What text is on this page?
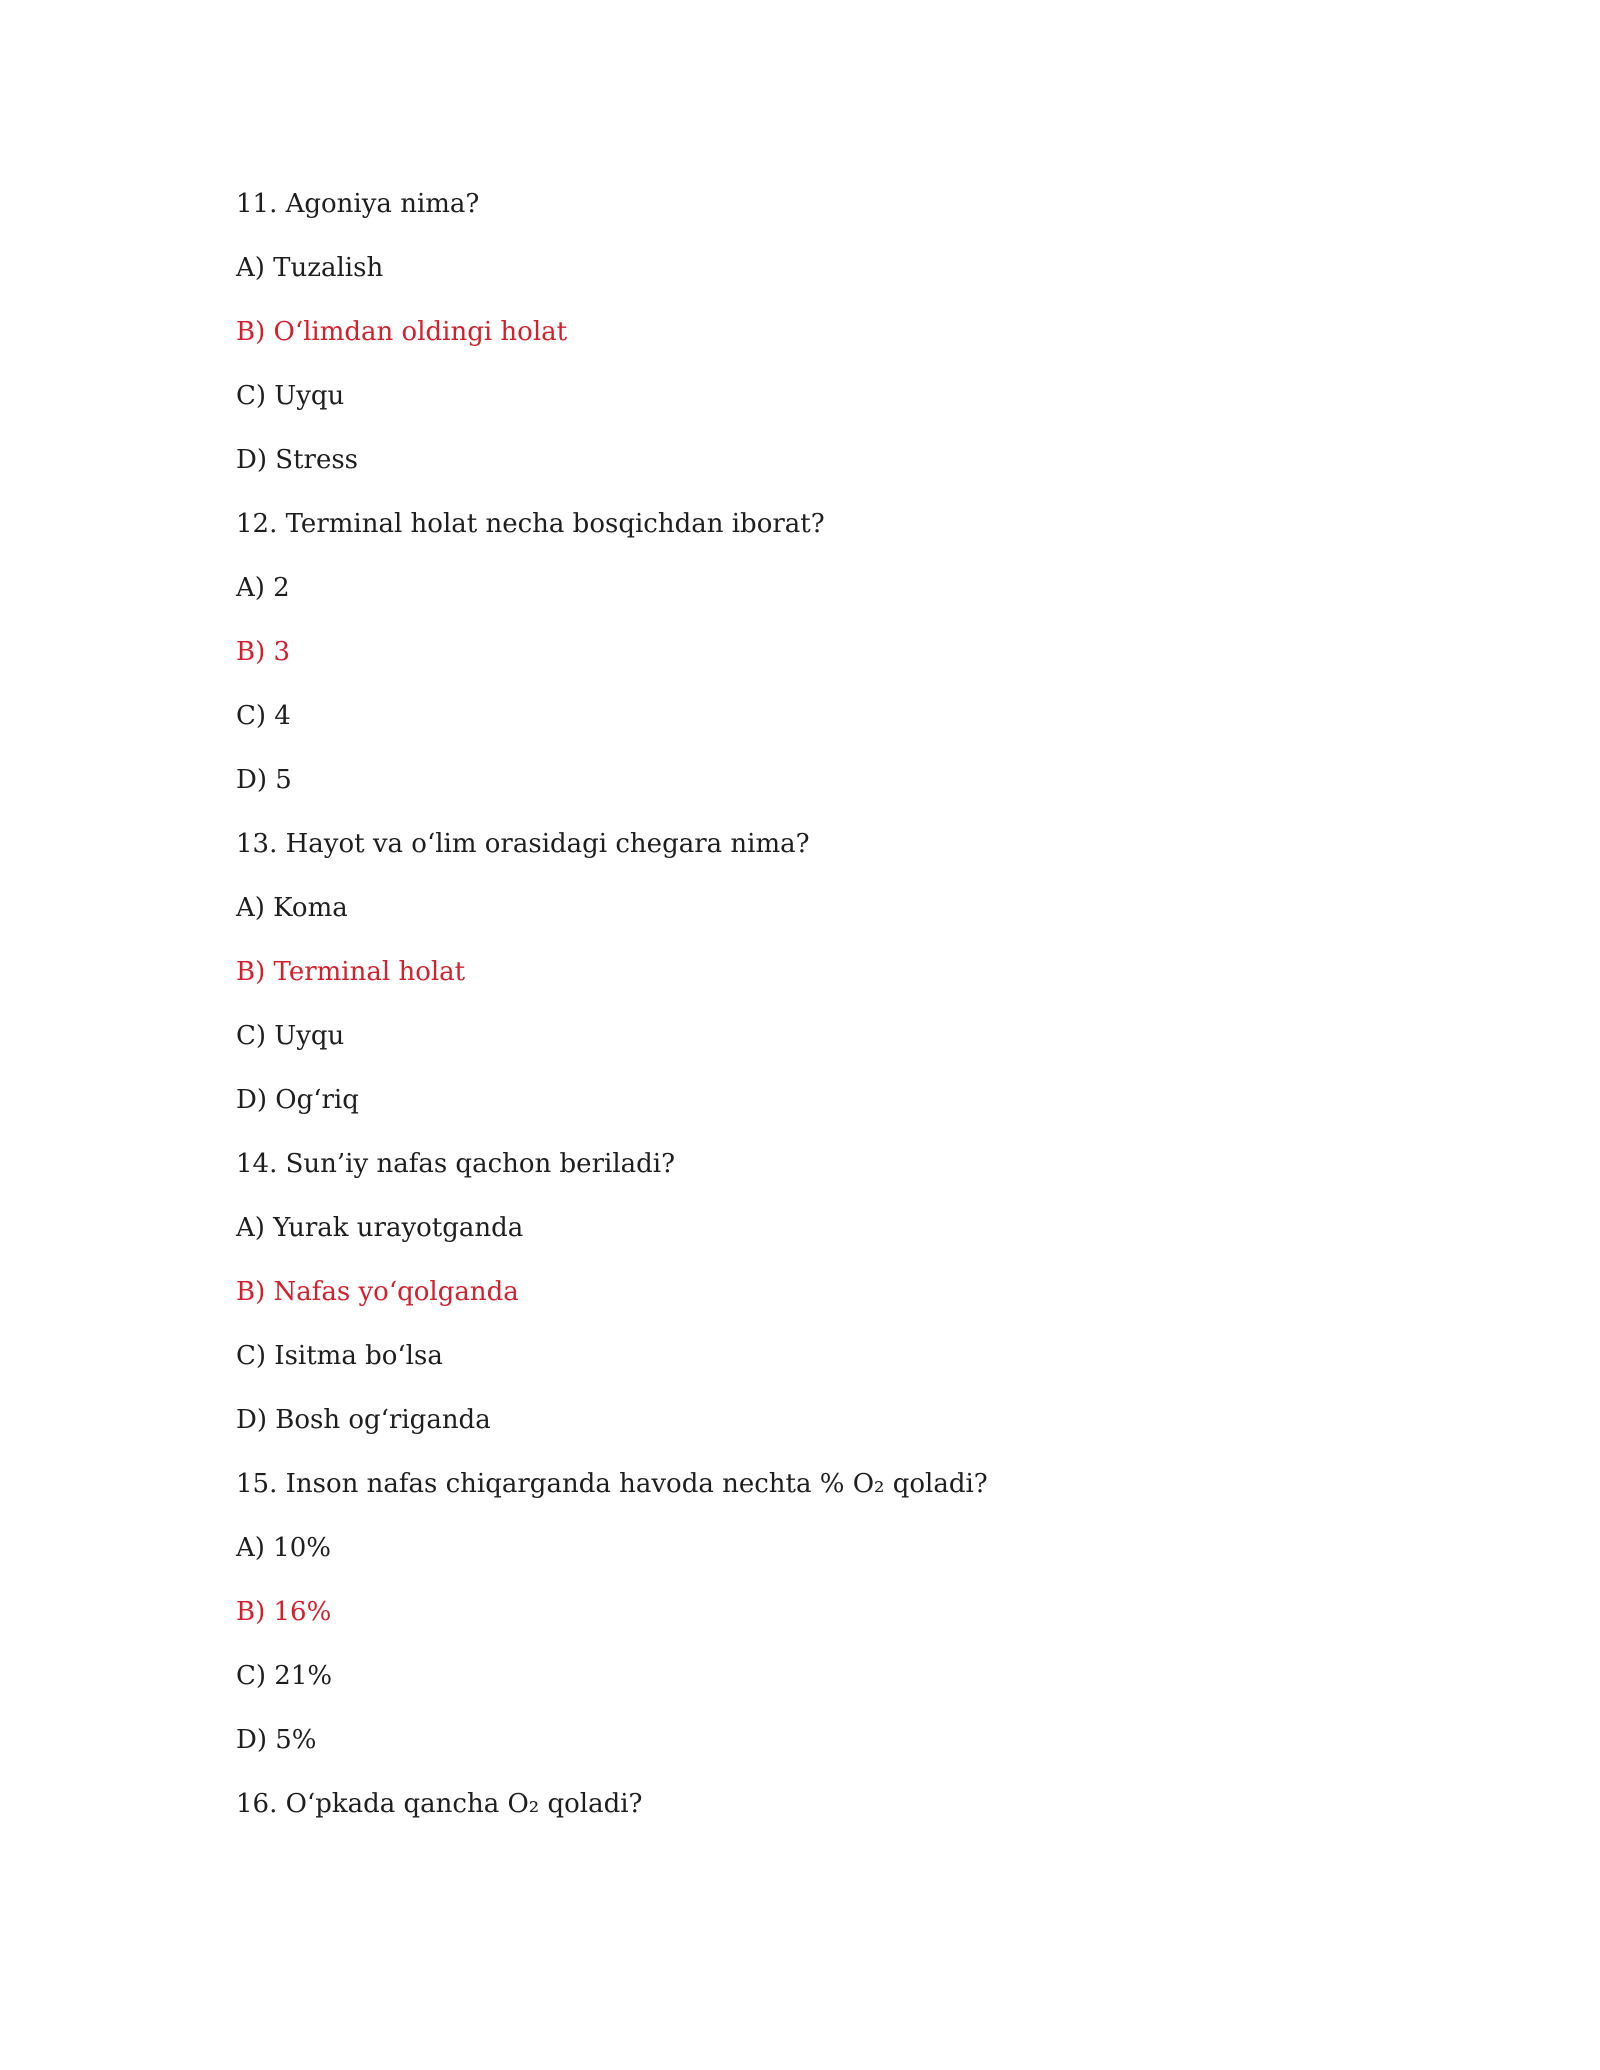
11. Agoniya nima?
A) Tuzalish
B) O‘limdan oldingi holat
C) Uyqu
D) Stress
12. Terminal holat necha bosqichdan iborat?
A) 2
B) 3
C) 4
D) 5
13. Hayot va o‘lim orasidagi chegara nima?
A) Koma
B) Terminal holat
C) Uyqu
D) Og‘riq
14. Sun’iy nafas qachon beriladi?
A) Yurak urayotganda
B) Nafas yo‘qolganda
C) Isitma bo‘lsa
D) Bosh og‘riganda
15. Inson nafas chiqarganda havoda nechta % O₂ qoladi?
A) 10%
B) 16%
C) 21%
D) 5%
16. O‘pkada qancha O₂ qoladi?
